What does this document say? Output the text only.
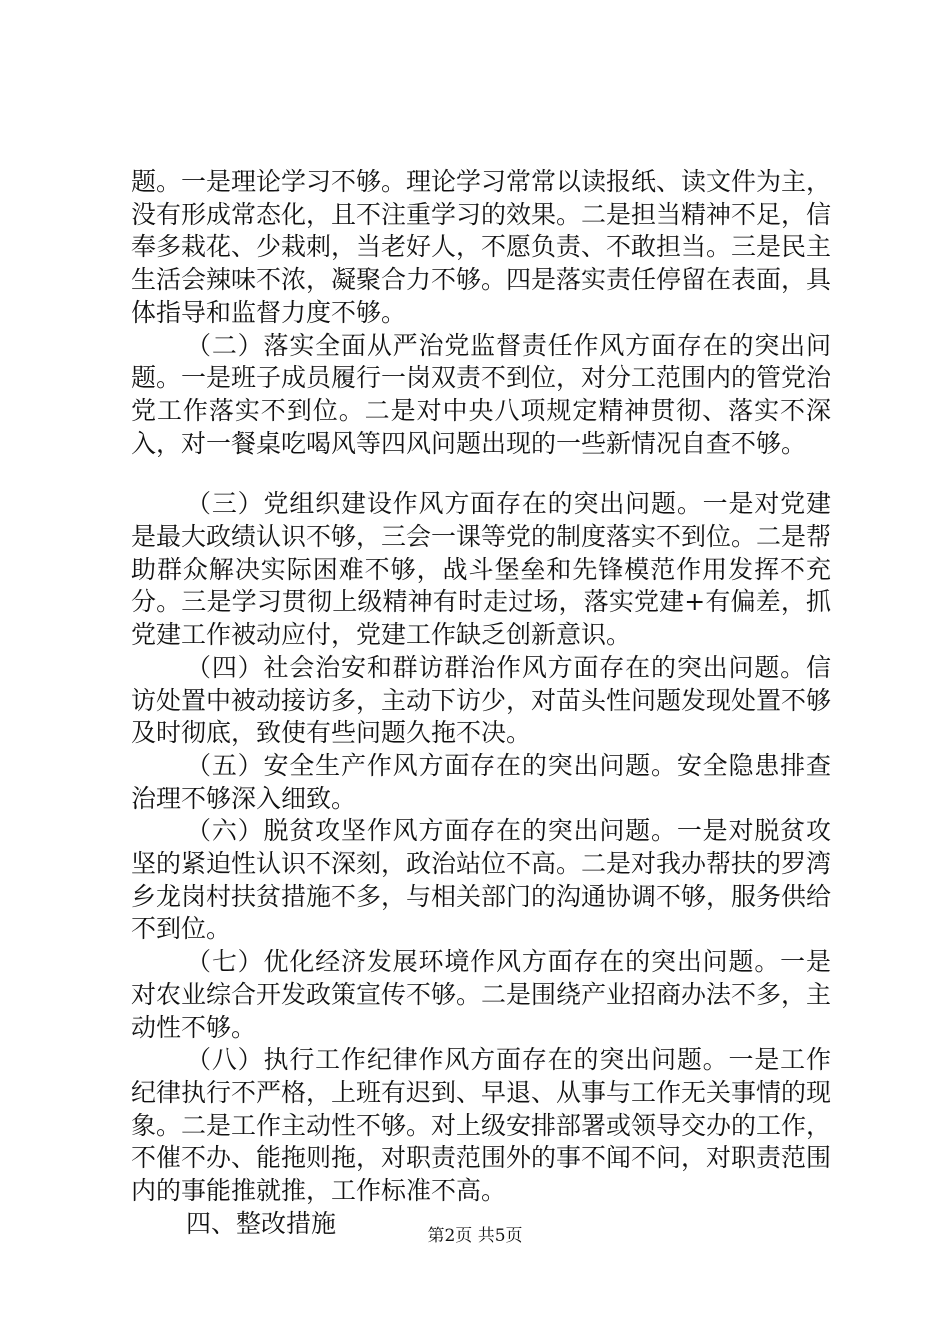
题。一是理论学习不够。理论学习常常以读报纸、读文件为主，没有形成常态化，且不注重学习的效果。二是担当精神不足，信奉多栽花、少栽刺，当老好人，不愿负责、不敢担当。三是民主生活会辣味不浓，凝聚合力不够。四是落实责任停留在表面，具体指导和监督力度不够。

（二）落实全面从严治党监督责任作风方面存在的突出问题。一是班子成员履行一岗双责不到位，对分工范围内的管党治党工作落实不到位。二是对中央八项规定精神贯彻、落实不深入，对一餐桌吃喝风等四风问题出现的一些新情况自查不够。

（三）党组织建设作风方面存在的突出问题。一是对党建是最大政绩认识不够，三会一课等党的制度落实不到位。二是帮助群众解决实际困难不够，战斗堡垒和先锋模范作用发挥不充分。三是学习贯彻上级精神有时走过场，落实党建+有偏差，抓党建工作被动应付，党建工作缺乏创新意识。

（四）社会治安和群访群治作风方面存在的突出问题。信访处置中被动接访多，主动下访少，对苗头性问题发现处置不够及时彻底，致使有些问题久拖不决。

（五）安全生产作风方面存在的突出问题。安全隐患排查治理不够深入细致。

（六）脱贫攻坚作风方面存在的突出问题。一是对脱贫攻坚的紧迫性认识不深刻，政治站位不高。二是对我办帮扶的罗湾乡龙岗村扶贫措施不多，与相关部门的沟通协调不够，服务供给不到位。

（七）优化经济发展环境作风方面存在的突出问题。一是对农业综合开发政策宣传不够。二是围绕产业招商办法不多，主动性不够。

（八）执行工作纪律作风方面存在的突出问题。一是工作纪律执行不严格，上班有迟到、早退、从事与工作无关事情的现象。二是工作主动性不够。对上级安排部署或领导交办的工作，不催不办、能拖则拖，对职责范围外的事不闻不问，对职责范围内的事能推就推，工作标准不高。

四、整改措施	第2页 共5页
